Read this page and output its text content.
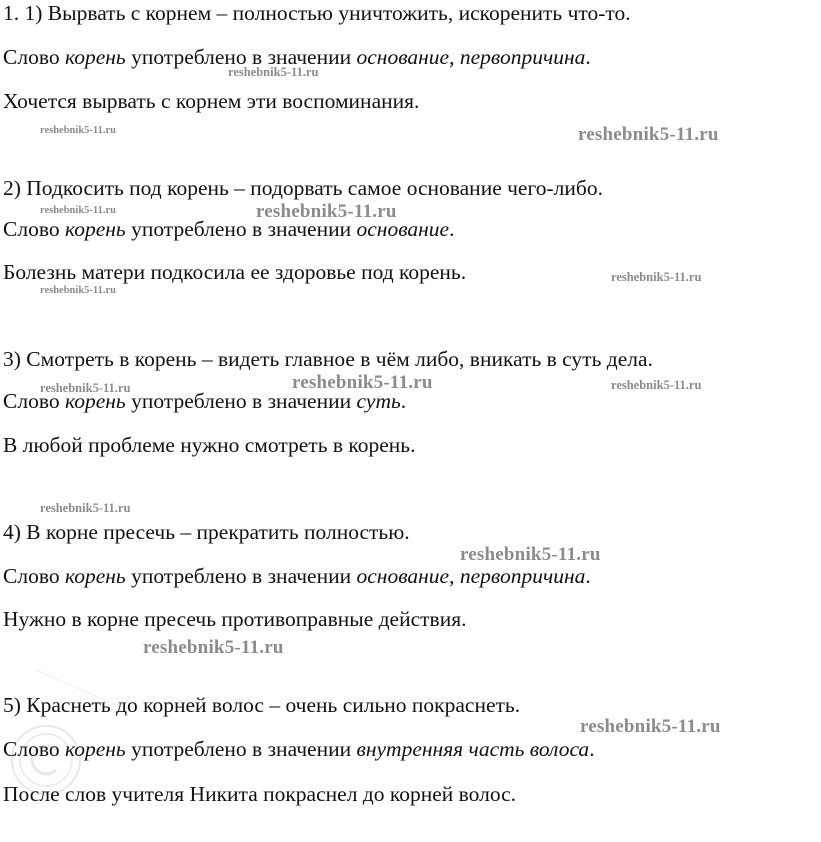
1. 1) Вырвать с корнем – полностью уничтожить, искоренить что-то.
Слово корень употреблено в значении основание, первопричина.
Хочется вырвать с корнем эти воспоминания.
2) Подкосить под корень – подорвать самое основание чего-либо.
Слово корень употреблено в значении основание.
Болезнь матери подкосила ее здоровье под корень.
3) Смотреть в корень – видеть главное в чём либо, вникать в суть дела.
Слово корень употреблено в значении суть.
В любой проблеме нужно смотреть в корень.
4) В корне пресечь – прекратить полностью.
Слово корень употреблено в значении основание, первопричина.
Нужно в корне пресечь противоправные действия.
5) Краснеть до корней волос – очень сильно покраснеть.
Слово корень употреблено в значении внутренняя часть волоса.
После слов учителя Никита покраснел до корней волос.
reshebnik5-11.ru
reshebnik5-11.ru	reshebnik5-11.ru
reshebnik5-11.ru	reshebnik5-11.ru
reshebnik5-11.ru
reshebnik5-11.ru
reshebnik5-11.ru	reshebnik5-11.ru	reshebnik5-11.ru
reshebnik5-11.ru
reshebnik5-11.ru
reshebnik5-11.ru
reshebnik5-11.ru
